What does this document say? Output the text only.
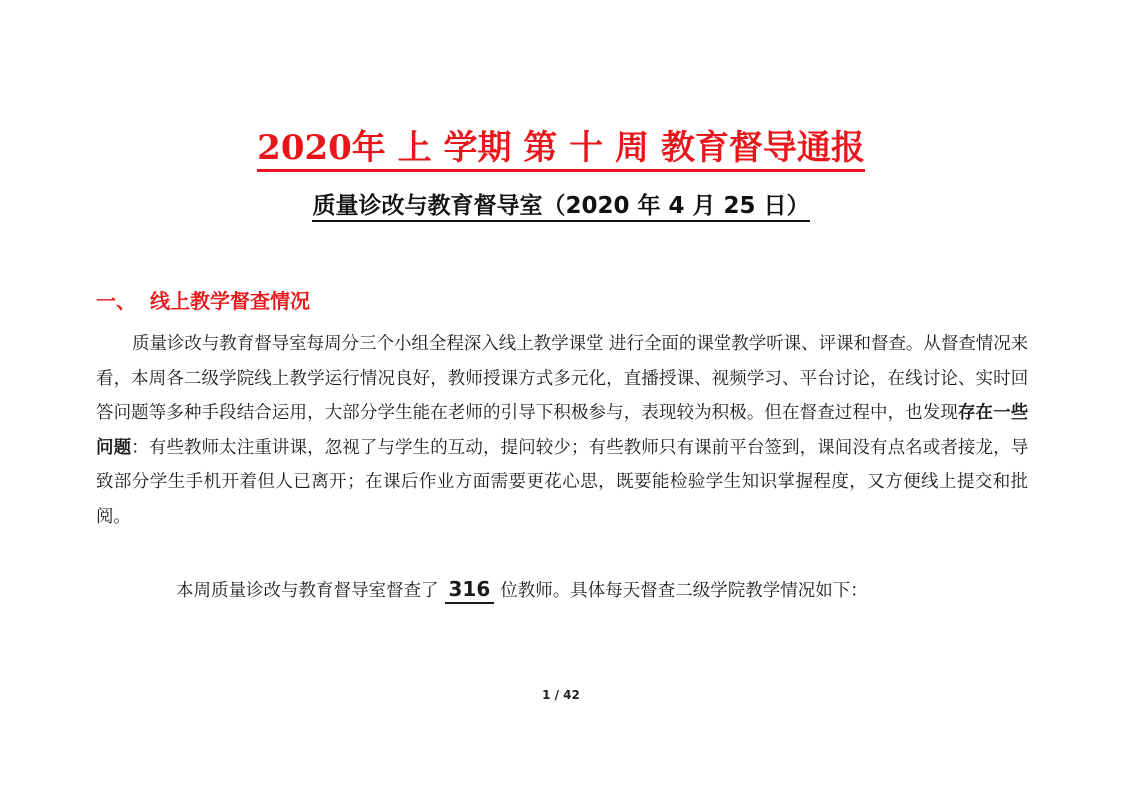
2020年 上 学期 第 十 周 教育督导通报
质量诊改与教育督导室（2020 年 4 月 25 日）
一、 线上教学督查情况
质量诊改与教育督导室每周分三个小组全程深入线上教学课堂 进行全面的课堂教学听课、评课和督查。从督查情况来看，本周各二级学院线上教学运行情况良好，教师授课方式多元化，直播授课、视频学习、平台讨论，在线讨论、实时回答问题等多种手段结合运用，大部分学生能在老师的引导下积极参与，表现较为积极。但在督查过程中，也发现存在一些问题：有些教师太注重讲课，忽视了与学生的互动，提问较少；有些教师只有课前平台签到，课间没有点名或者接龙，导致部分学生手机开着但人已离开；在课后作业方面需要更花心思，既要能检验学生知识掌握程度，又方便线上提交和批阅。
本周质量诊改与教育督导室督查了 316 位教师。具体每天督查二级学院教学情况如下：
1 / 42
